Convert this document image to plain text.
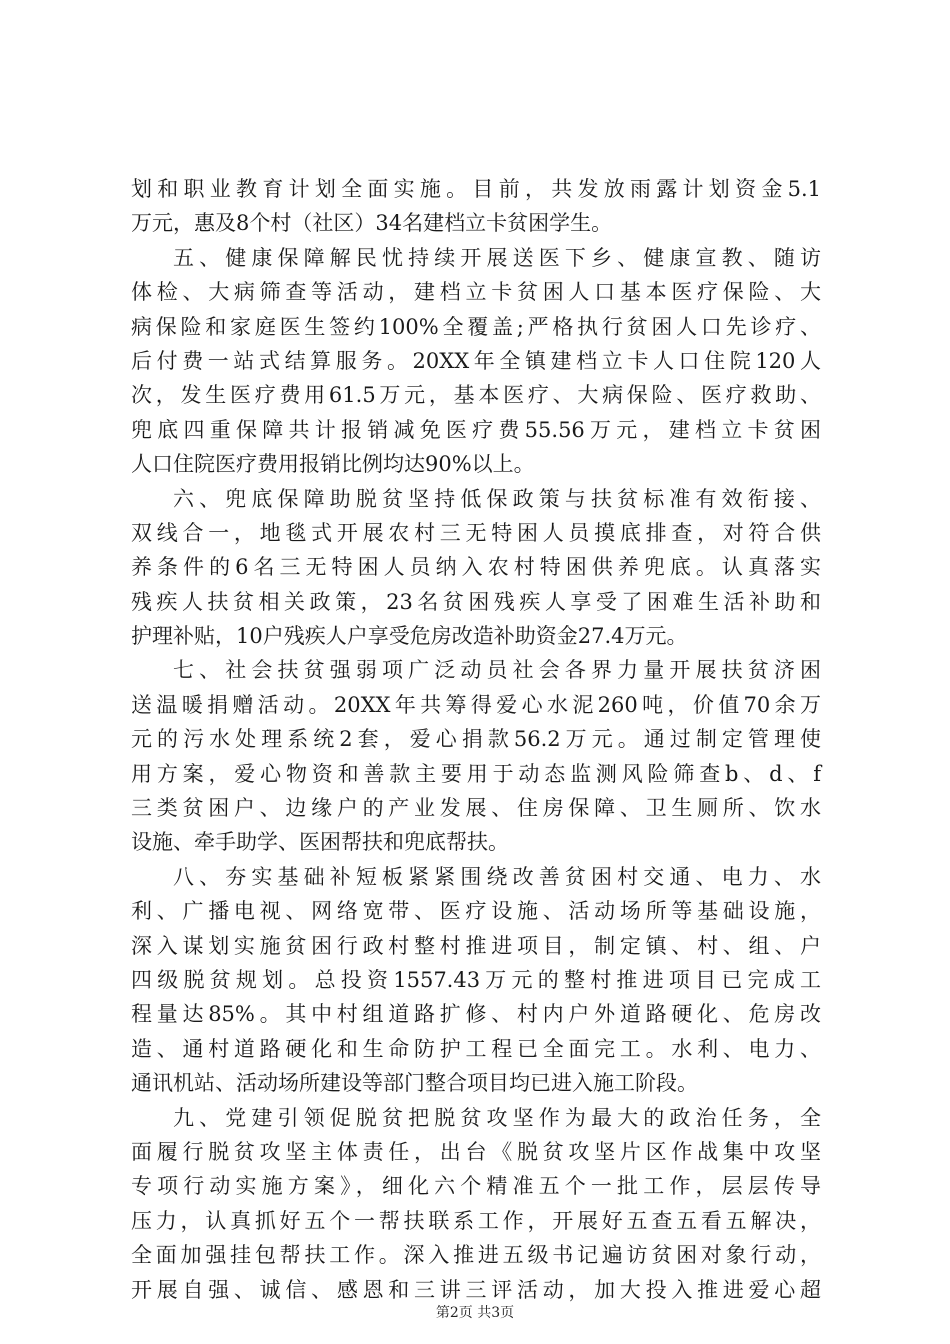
划和职业教育计划全面实施。目前，共发放雨露计划资金5.1
万元，惠及8个村（社区）34名建档立卡贫困学生。
五、健康保障解民忧持续开展送医下乡、健康宣教、随访
体检、大病筛查等活动，建档立卡贫困人口基本医疗保险、大
病保险和家庭医生签约100%全覆盖;严格执行贫困人口先诊疗、
后付费一站式结算服务。20XX年全镇建档立卡人口住院120人
次，发生医疗费用61.5万元，基本医疗、大病保险、医疗救助、
兜底四重保障共计报销减免医疗费55.56万元，建档立卡贫困
人口住院医疗费用报销比例均达90%以上。
六、兜底保障助脱贫坚持低保政策与扶贫标准有效衔接、
双线合一，地毯式开展农村三无特困人员摸底排查，对符合供
养条件的6名三无特困人员纳入农村特困供养兜底。认真落实
残疾人扶贫相关政策，23名贫困残疾人享受了困难生活补助和
护理补贴，10户残疾人户享受危房改造补助资金27.4万元。
七、社会扶贫强弱项广泛动员社会各界力量开展扶贫济困
送温暖捐赠活动。20XX年共筹得爱心水泥260吨，价值70余万
元的污水处理系统2套，爱心捐款56.2万元。通过制定管理使
用方案，爱心物资和善款主要用于动态监测风险筛查b、d、f
三类贫困户、边缘户的产业发展、住房保障、卫生厕所、饮水
设施、牵手助学、医困帮扶和兜底帮扶。
八、夯实基础补短板紧紧围绕改善贫困村交通、电力、水
利、广播电视、网络宽带、医疗设施、活动场所等基础设施，
深入谋划实施贫困行政村整村推进项目，制定镇、村、组、户
四级脱贫规划。总投资1557.43万元的整村推进项目已完成工
程量达85%。其中村组道路扩修、村内户外道路硬化、危房改
造、通村道路硬化和生命防护工程已全面完工。水利、电力、
通讯机站、活动场所建设等部门整合项目均已进入施工阶段。
九、党建引领促脱贫把脱贫攻坚作为最大的政治任务，全
面履行脱贫攻坚主体责任，出台《脱贫攻坚片区作战集中攻坚
专项行动实施方案》，细化六个精准五个一批工作，层层传导
压力，认真抓好五个一帮扶联系工作，开展好五查五看五解决，
全面加强挂包帮扶工作。深入推进五级书记遍访贫困对象行动，
开展自强、诚信、感恩和三讲三评活动，加大投入推进爱心超
第2页 共3页
